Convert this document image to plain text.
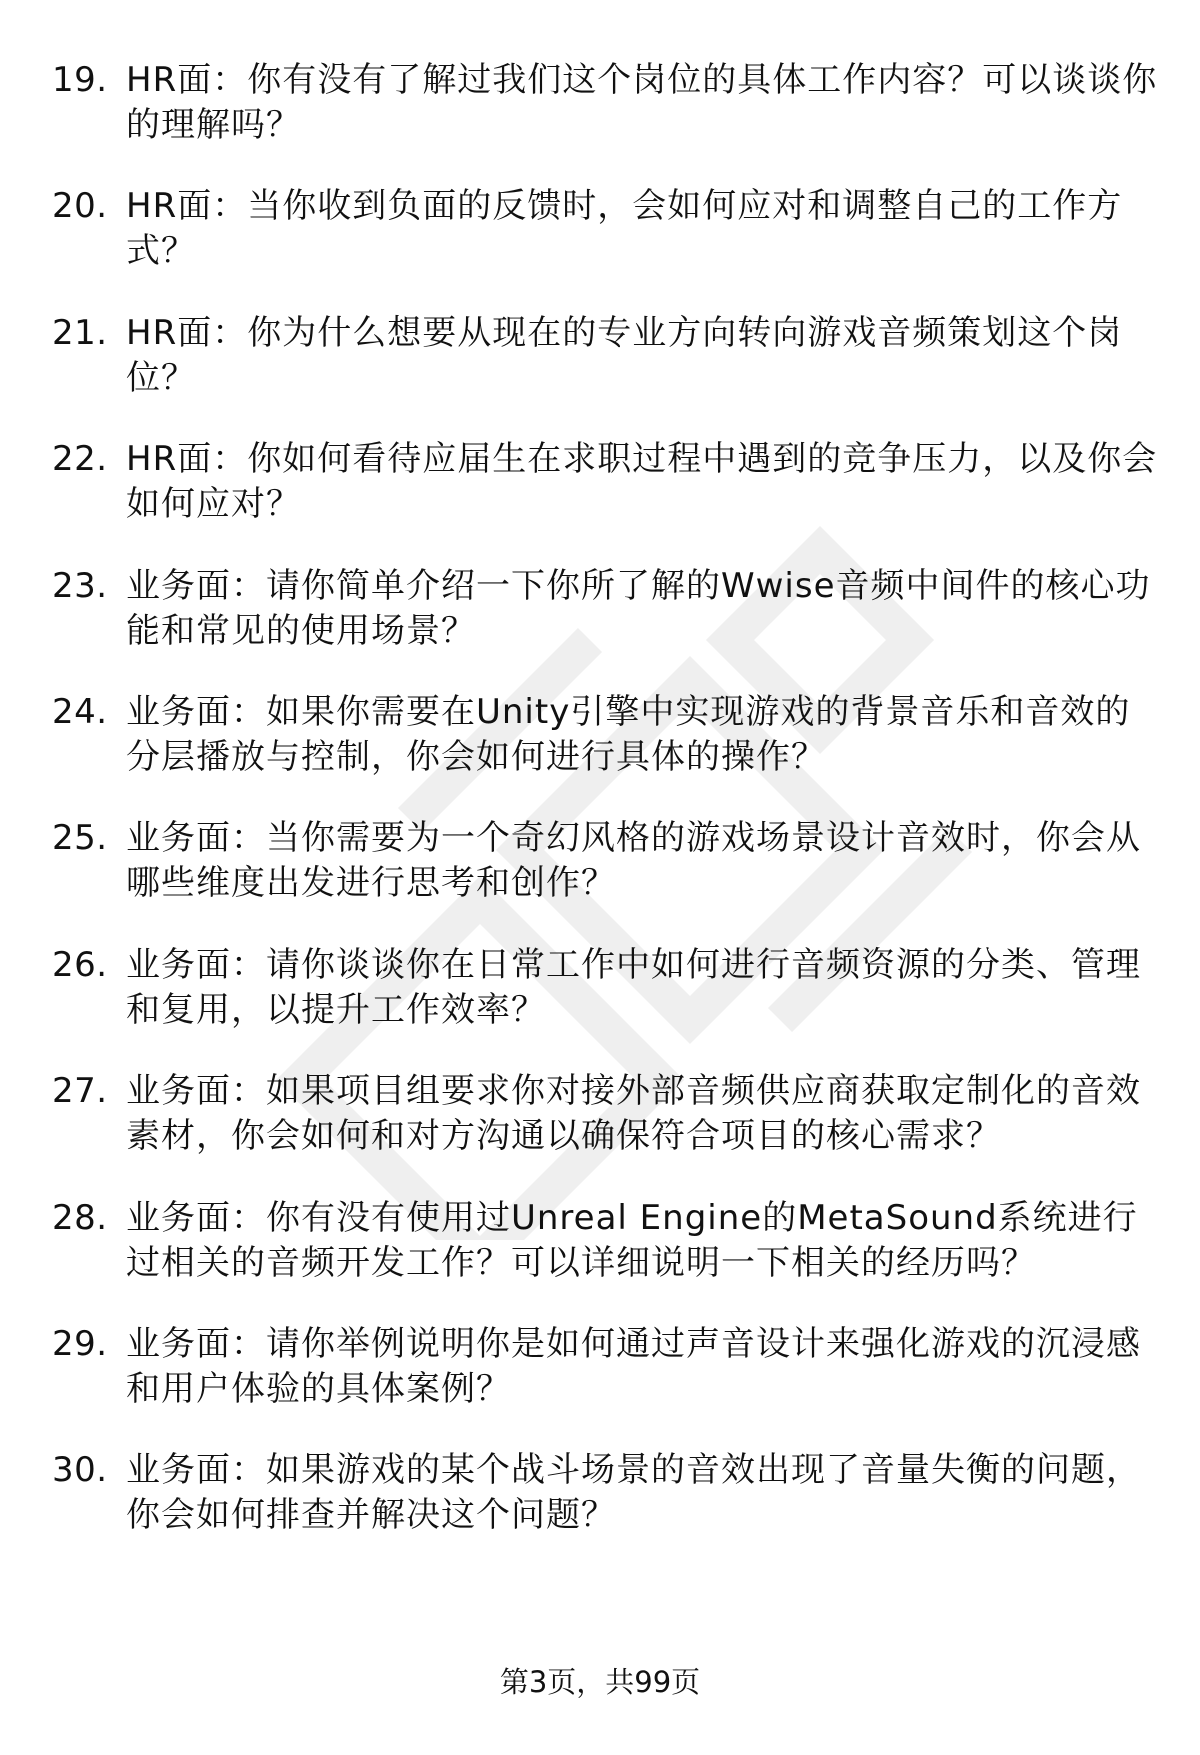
19. HR面：你有没有了解过我们这个岗位的具体工作内容？可以谈谈你的理解吗？
20. HR面：当你收到负面的反馈时，会如何应对和调整自己的工作方式？
21. HR面：你为什么想要从现在的专业方向转向游戏音频策划这个岗位？
22. HR面：你如何看待应届生在求职过程中遇到的竞争压力，以及你会如何应对？
23. 业务面：请你简单介绍一下你所了解的Wwise音频中间件的核心功能和常见的使用场景？
24. 业务面：如果你需要在Unity引擎中实现游戏的背景音乐和音效的分层播放与控制，你会如何进行具体的操作？
25. 业务面：当你需要为一个奇幻风格的游戏场景设计音效时，你会从哪些维度出发进行思考和创作？
26. 业务面：请你谈谈你在日常工作中如何进行音频资源的分类、管理和复用，以提升工作效率？
27. 业务面：如果项目组要求你对接外部音频供应商获取定制化的音效素材，你会如何和对方沟通以确保符合项目的核心需求？
28. 业务面：你有没有使用过Unreal Engine的MetaSound系统进行过相关的音频开发工作？可以详细说明一下相关的经历吗？
29. 业务面：请你举例说明你是如何通过声音设计来强化游戏的沉浸感和用户体验的具体案例？
30. 业务面：如果游戏的某个战斗场景的音效出现了音量失衡的问题，你会如何排查并解决这个问题？
第3页，共99页
